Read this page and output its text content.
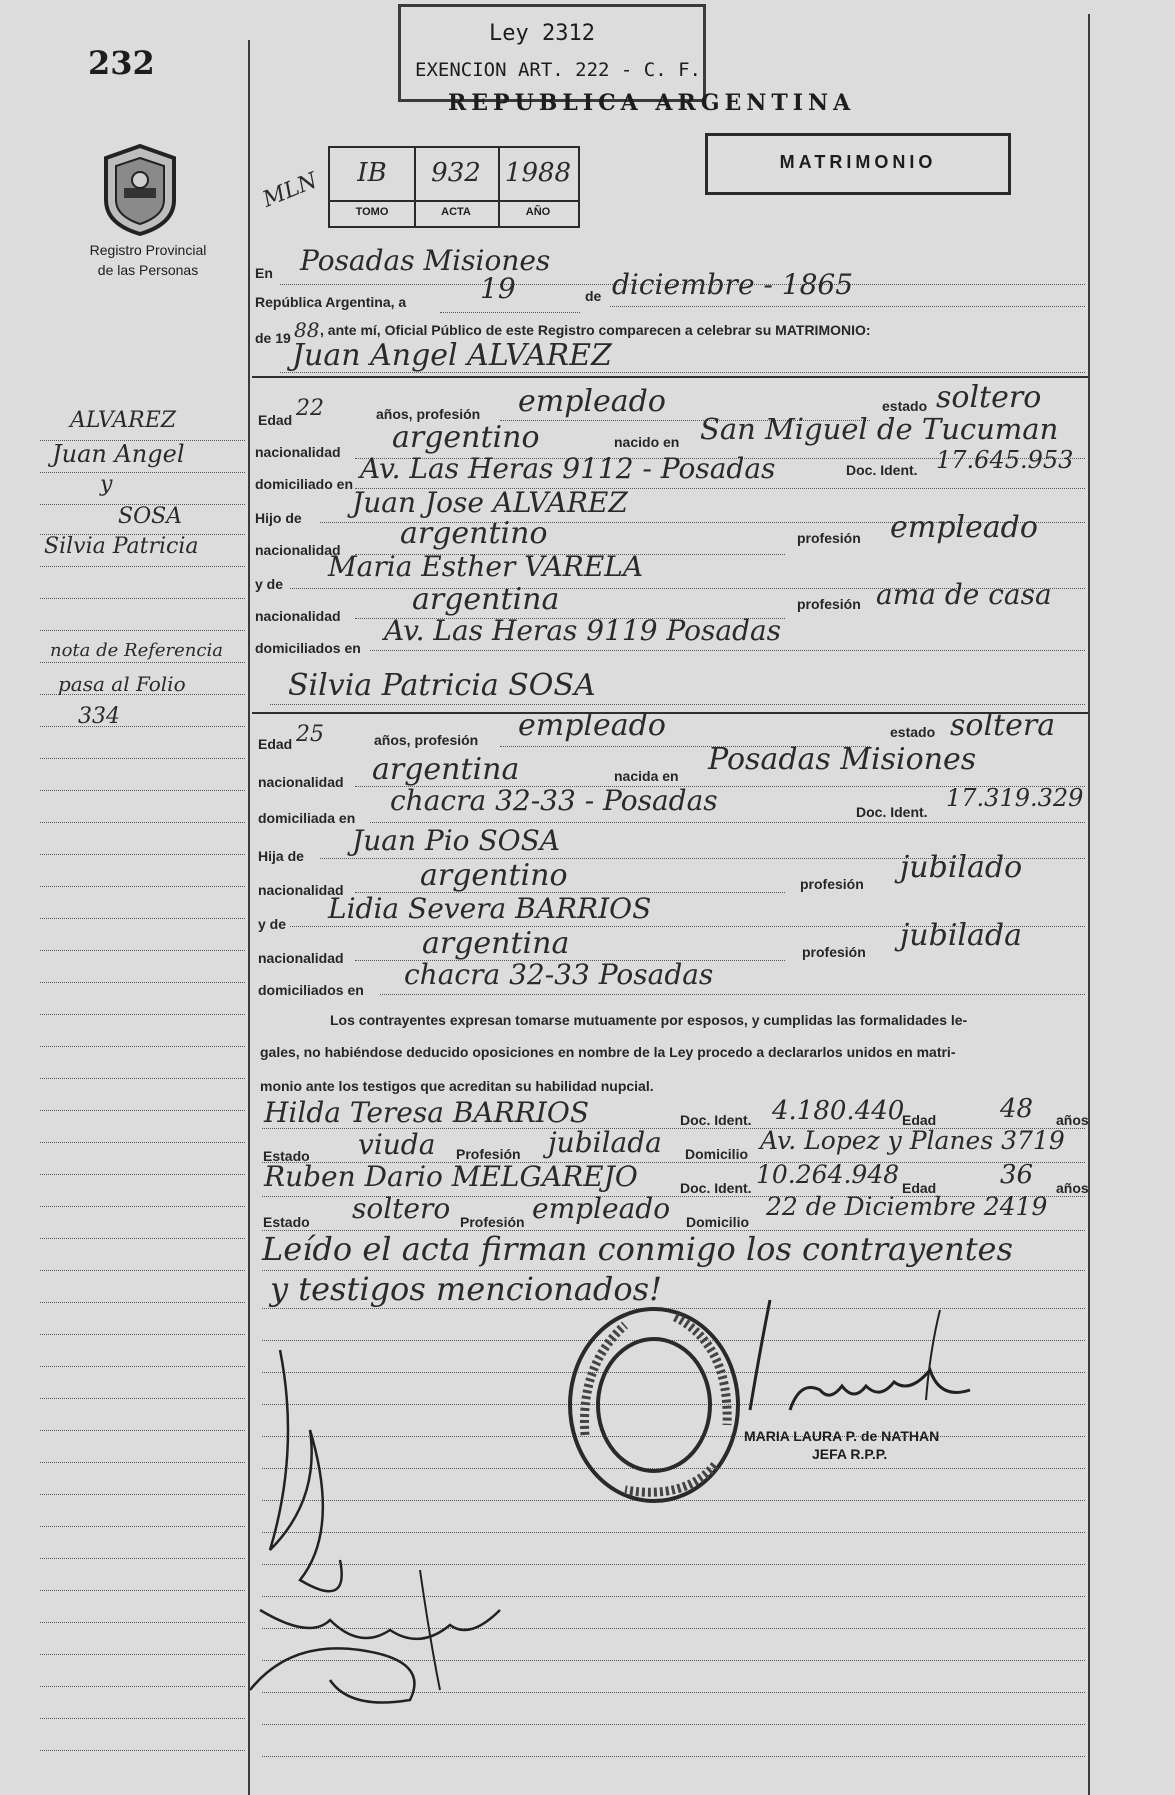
232
Ley 2312
EXENCION ART. 222 - C. F.
REPUBLICA ARGENTINA
MATRIMONIO
Registro Provincial
de las Personas
MLN	IB
TOMO
932
ACTA
1988
AÑO
ALVAREZ
Juan Angel
y
SOSA
Silvia Patricia
nota de Referencia
pasa al Folio
334
En Posadas Misiones
República Argentina, a	19	de diciembre - 1865
de 19 88 , ante mí, Oficial Público de este Registro comparecen a celebrar su MATRIMONIO:
Juan Angel ALVAREZ
Edad 22	años, profesión empleado	estado soltero
nacionalidad argentino	nacido en San Miguel de Tucuman
domiciliado en Av. Las Heras 9112 - Posadas	Doc. Ident. 17.645.953
Hijo de Juan Jose ALVAREZ
nacionalidad argentino	profesión empleado
y de
Maria Esther VARELA
nacionalidad argentina	profesión ama de casa
domiciliados en
Av. Las Heras 9119 Posadas
Silvia Patricia SOSA
Edad 25	años, profesión empleado	estado soltera
nacionalidad argentina	nacida en Posadas Misiones
domiciliada en
chacra 32-33 - Posadas	Doc. Ident. 17.319.329
Hija de Juan Pio SOSA
nacionalidad	argentino	profesión jubilado
y de Lidia Severa BARRIOS
nacionalidad	argentina	profesión jubilada
domiciliados en chacra 32-33 Posadas
Los contrayentes expresan tomarse mutuamente por esposos, y cumplidas las formalidades le-
gales, no habiéndose deducido oposiciones en nombre de la Ley procedo a declararlos unidos en matri-
monio ante los testigos que acreditan su habilidad nupcial.
Hilda Teresa BARRIOS	Doc. Ident. 4.180.440
Edad 48 años
Estado viuda Profesión jubilada Domicilio Av. Lopez y Planes 3719
Ruben Dario MELGAREJO	Doc. Ident. 10.264.948 Edad 36 años
Estado soltero Profesión empleado Domicilio
22 de Diciembre 2419
Leído el acta firman conmigo los contrayentes
y testigos mencionados!
MARIA LAURA P. de NATHAN
JEFA R.P.P.
